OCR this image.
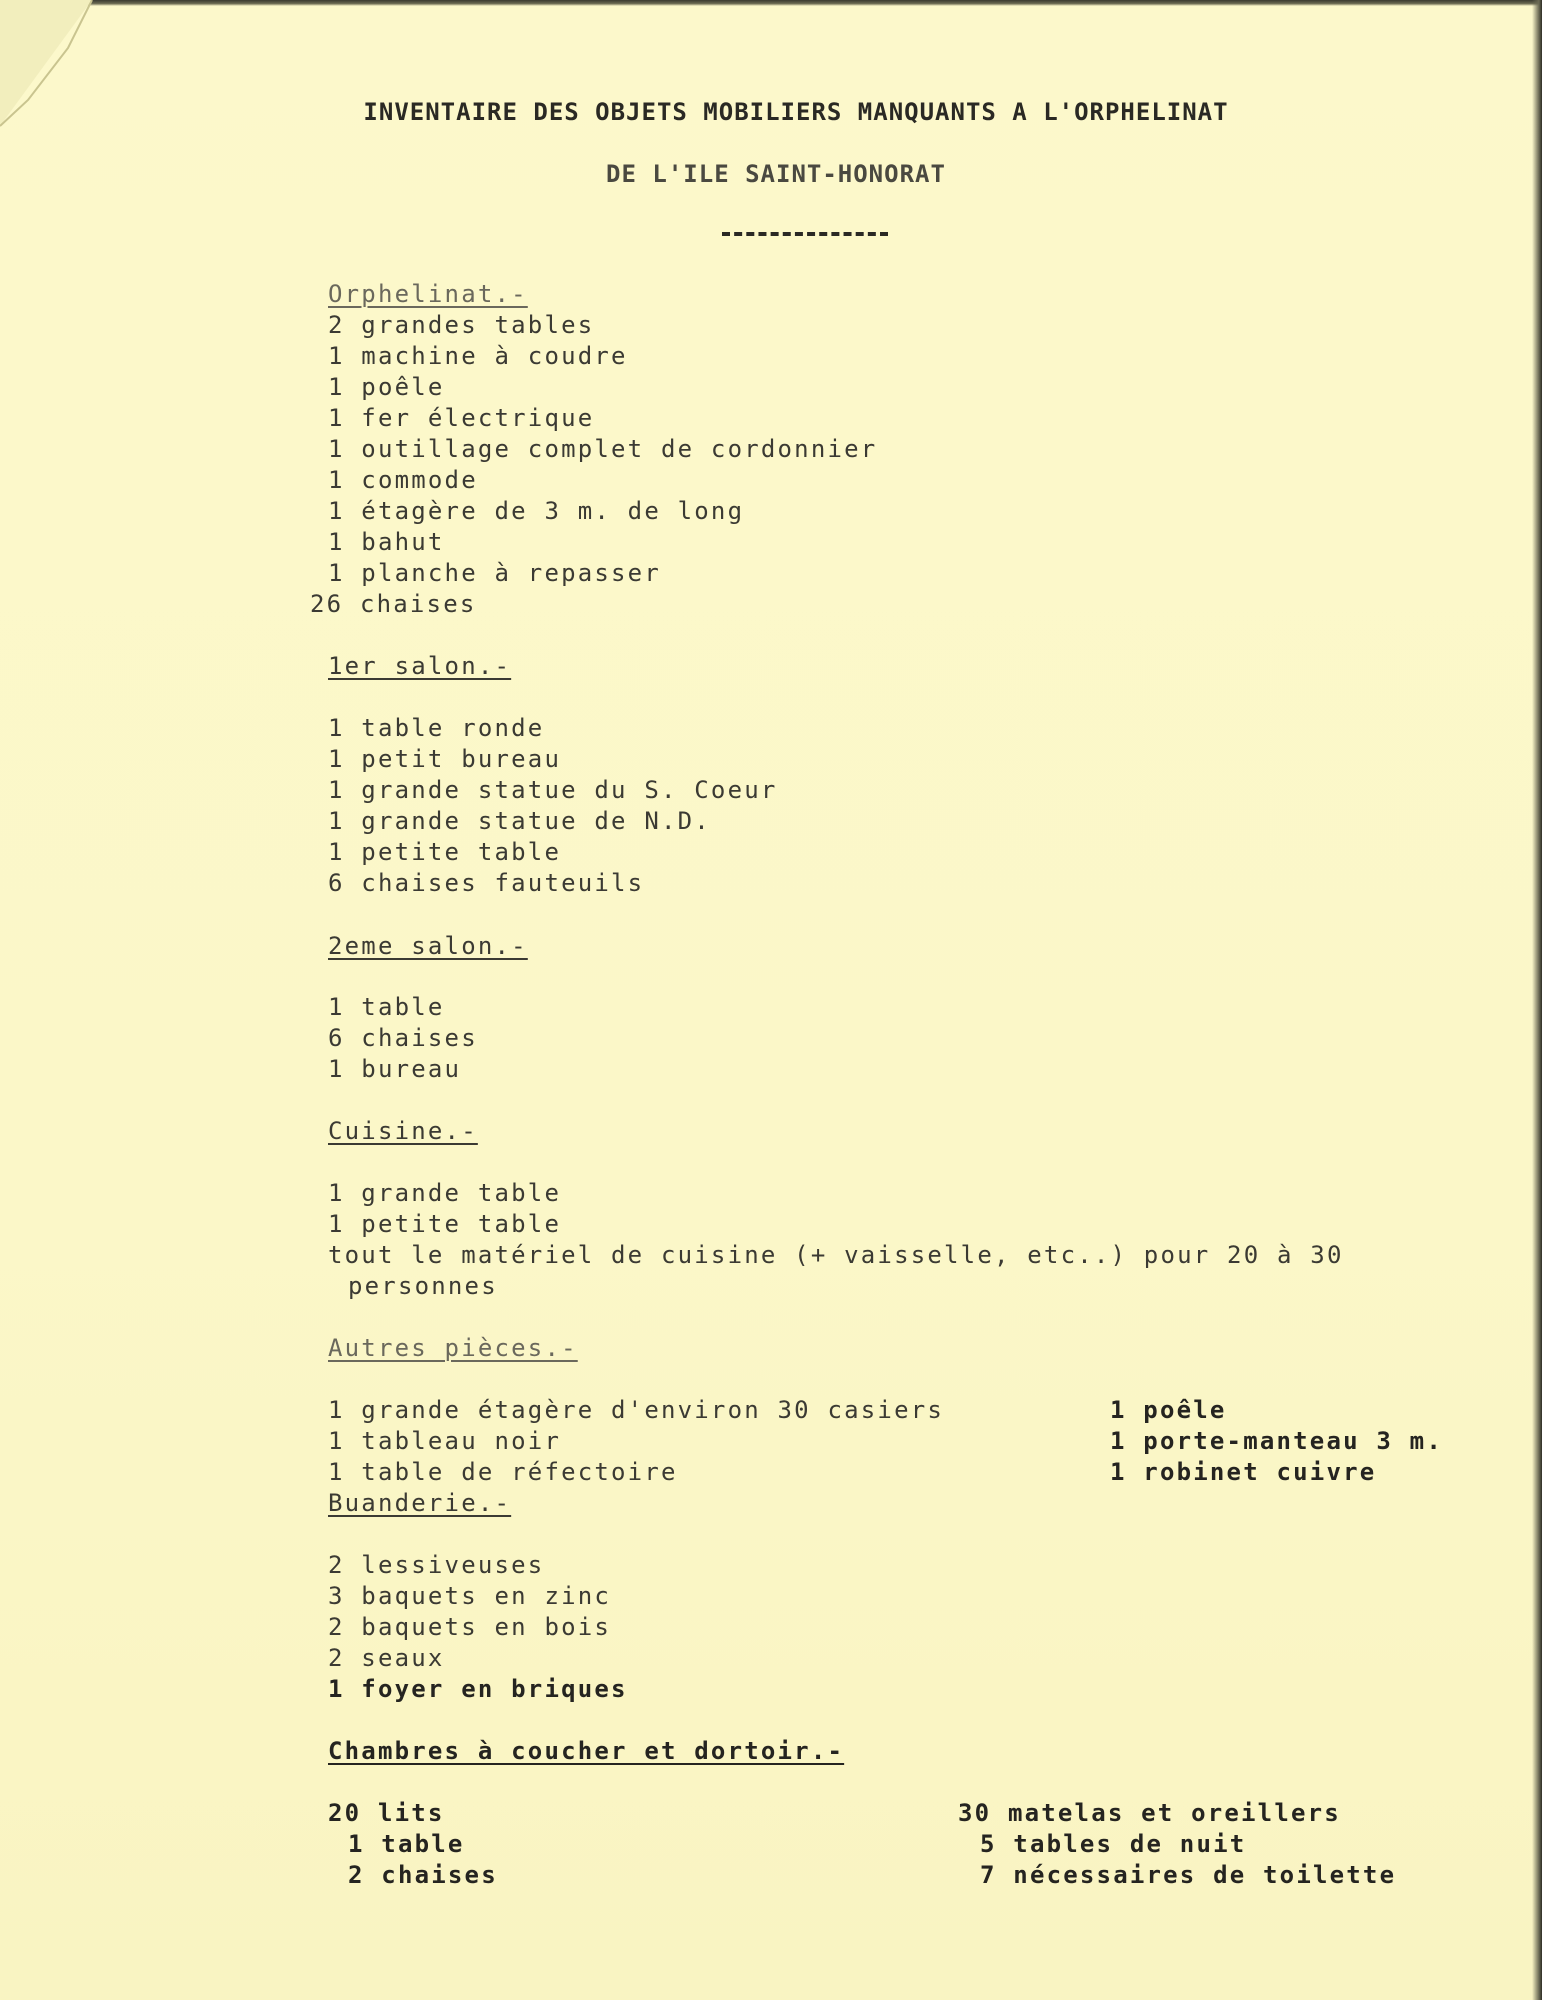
INVENTAIRE DES OBJETS MOBILIERS MANQUANTS A L'ORPHELINAT
DE L'ILE SAINT-HONORAT
Orphelinat.-
2 grandes tables
1 machine à coudre
1 poêle
1 fer électrique
1 outillage complet de cordonnier
1 commode
1 étagère de 3 m. de long
1 bahut
1 planche à repasser
26 chaises
1er salon.-
1 table ronde
1 petit bureau
1 grande statue du S. Coeur
1 grande statue de N.D.
1 petite table
6 chaises fauteuils
2eme salon.-
1 table
6 chaises
1 bureau
Cuisine.-
1 grande table
1 petite table
tout le matériel de cuisine (+ vaisselle, etc..) pour 20 à 30
personnes
Autres pièces.-
1 grande étagère d'environ 30 casiers
1 tableau noir
1 table de réfectoire
1 poêle
1 porte-manteau 3 m.
1 robinet cuivre
Buanderie.-
2 lessiveuses
3 baquets en zinc
2 baquets en bois
2 seaux
1 foyer en briques
Chambres à coucher et dortoir.-
20 lits
1 table
2 chaises
30 matelas et oreillers
5 tables de nuit
7 nécessaires de toilette
